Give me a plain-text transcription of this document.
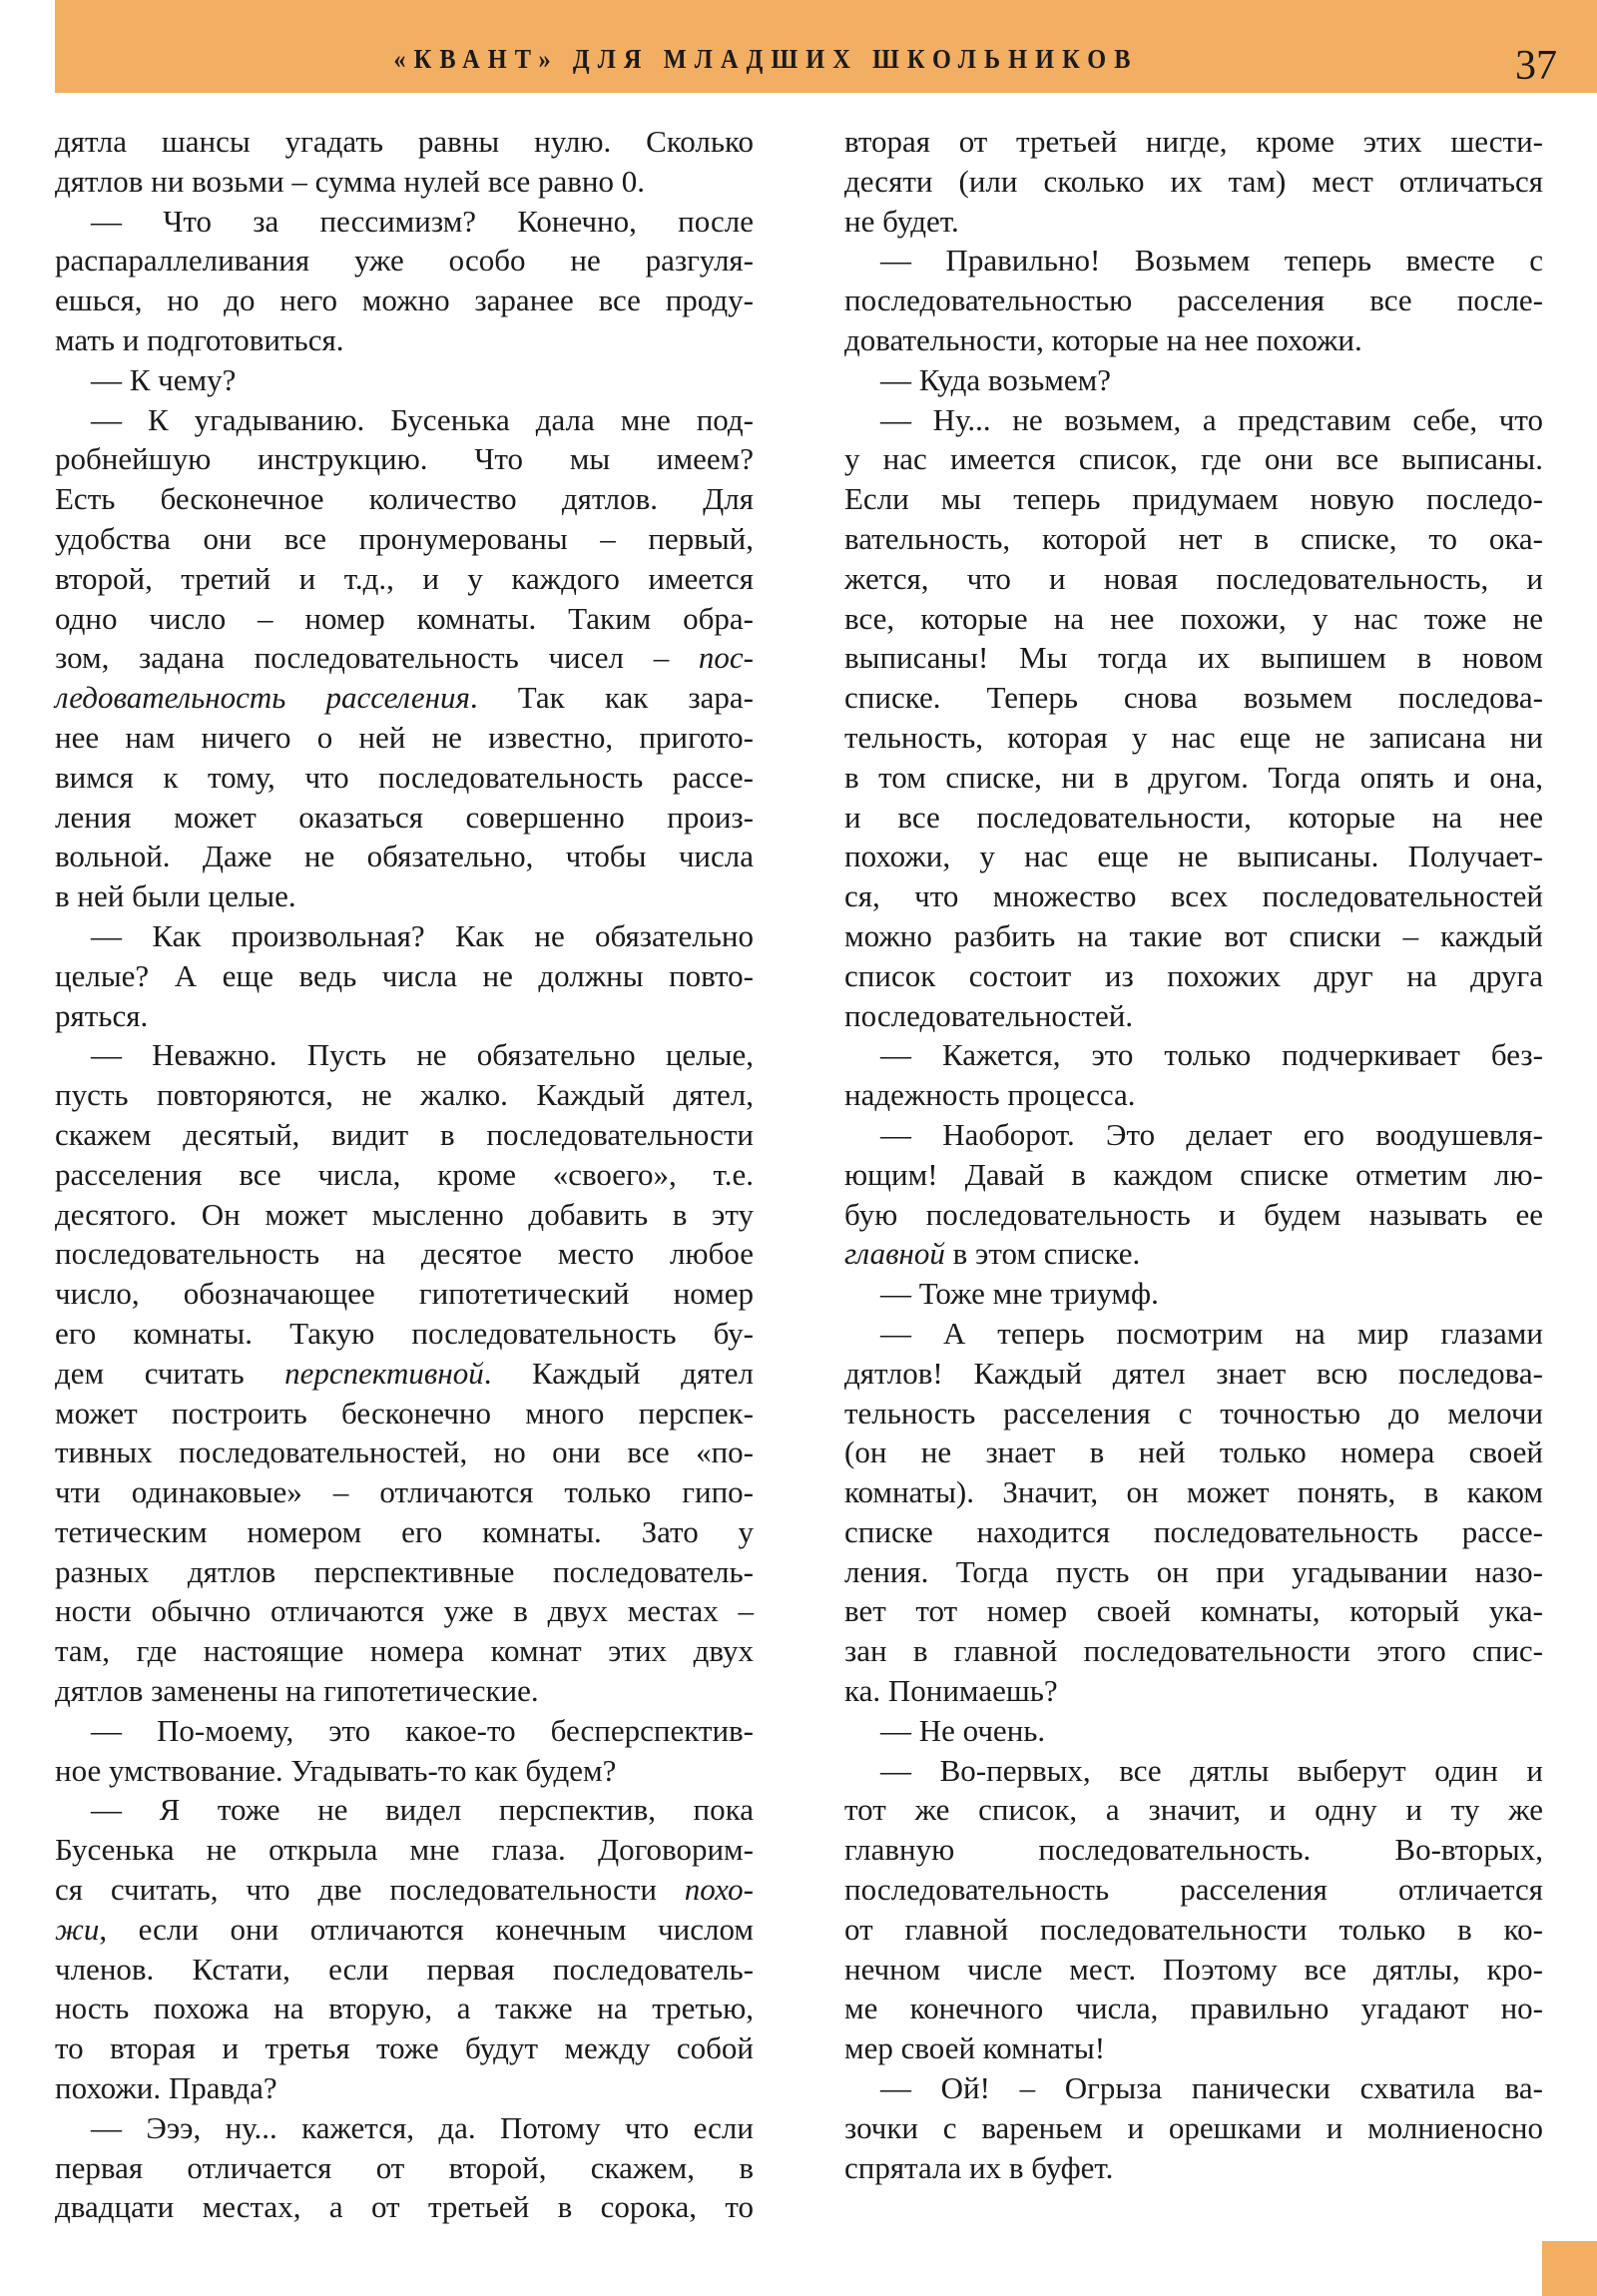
«КВАНТ» ДЛЯ МЛАДШИХ ШКОЛЬНИКОВ	37
дятла шансы угадать равны нулю. Сколько
дятлов ни возьми – сумма нулей все равно 0.
— Что за пессимизм? Конечно, после
распараллеливания уже особо не разгуля-
ешься, но до него можно заранее все проду-
мать и подготовиться.
— К чему?
— К угадыванию. Бусенька дала мне под-
робнейшую инструкцию. Что мы имеем?
Есть бесконечное количество дятлов. Для
удобства они все пронумерованы – первый,
второй, третий и т.д., и у каждого имеется
одно число – номер комнаты. Таким обра-
зом, задана последовательность чисел – пос-
ледовательность расселения. Так как зара-
нее нам ничего о ней не известно, пригото-
вимся к тому, что последовательность рассе-
ления может оказаться совершенно произ-
вольной. Даже не обязательно, чтобы числа
в ней были целые.
— Как произвольная? Как не обязательно
целые? А еще ведь числа не должны повто-
ряться.
— Неважно. Пусть не обязательно целые,
пусть повторяются, не жалко. Каждый дятел,
скажем десятый, видит в последовательности
расселения все числа, кроме «своего», т.е.
десятого. Он может мысленно добавить в эту
последовательность на десятое место любое
число, обозначающее гипотетический номер
его комнаты. Такую последовательность бу-
дем считать перспективной. Каждый дятел
может построить бесконечно много перспек-
тивных последовательностей, но они все «по-
чти одинаковые» – отличаются только гипо-
тетическим номером его комнаты. Зато у
разных дятлов перспективные последователь-
ности обычно отличаются уже в двух местах –
там, где настоящие номера комнат этих двух
дятлов заменены на гипотетические.
— По-моему, это какое-то бесперспектив-
ное умствование. Угадывать-то как будем?
— Я тоже не видел перспектив, пока
Бусенька не открыла мне глаза. Договорим-
ся считать, что две последовательности похо-
жи, если они отличаются конечным числом
членов. Кстати, если первая последователь-
ность похожа на вторую, а также на третью,
то вторая и третья тоже будут между собой
похожи. Правда?
— Эээ, ну... кажется, да. Потому что если
первая отличается от второй, скажем, в
двадцати местах, а от третьей в сорока, то
вторая от третьей нигде, кроме этих шести-
десяти (или сколько их там) мест отличаться
не будет.
— Правильно! Возьмем теперь вместе с
последовательностью расселения все после-
довательности, которые на нее похожи.
— Куда возьмем?
— Ну... не возьмем, а представим себе, что
у нас имеется список, где они все выписаны.
Если мы теперь придумаем новую последо-
вательность, которой нет в списке, то ока-
жется, что и новая последовательность, и
все, которые на нее похожи, у нас тоже не
выписаны! Мы тогда их выпишем в новом
списке. Теперь снова возьмем последова-
тельность, которая у нас еще не записана ни
в том списке, ни в другом. Тогда опять и она,
и все последовательности, которые на нее
похожи, у нас еще не выписаны. Получает-
ся, что множество всех последовательностей
можно разбить на такие вот списки – каждый
список состоит из похожих друг на друга
последовательностей.
— Кажется, это только подчеркивает без-
надежность процесса.
— Наоборот. Это делает его воодушевля-
ющим! Давай в каждом списке отметим лю-
бую последовательность и будем называть ее
главной в этом списке.
— Тоже мне триумф.
— А теперь посмотрим на мир глазами
дятлов! Каждый дятел знает всю последова-
тельность расселения с точностью до мелочи
(он не знает в ней только номера своей
комнаты). Значит, он может понять, в каком
списке находится последовательность рассе-
ления. Тогда пусть он при угадывании назо-
вет тот номер своей комнаты, который ука-
зан в главной последовательности этого спис-
ка. Понимаешь?
— Не очень.
— Во-первых, все дятлы выберут один и
тот же список, а значит, и одну и ту же
главную последовательность. Во-вторых,
последовательность расселения отличается
от главной последовательности только в ко-
нечном числе мест. Поэтому все дятлы, кро-
ме конечного числа, правильно угадают но-
мер своей комнаты!
— Ой! – Огрыза панически схватила ва-
зочки с вареньем и орешками и молниеносно
спрятала их в буфет.
